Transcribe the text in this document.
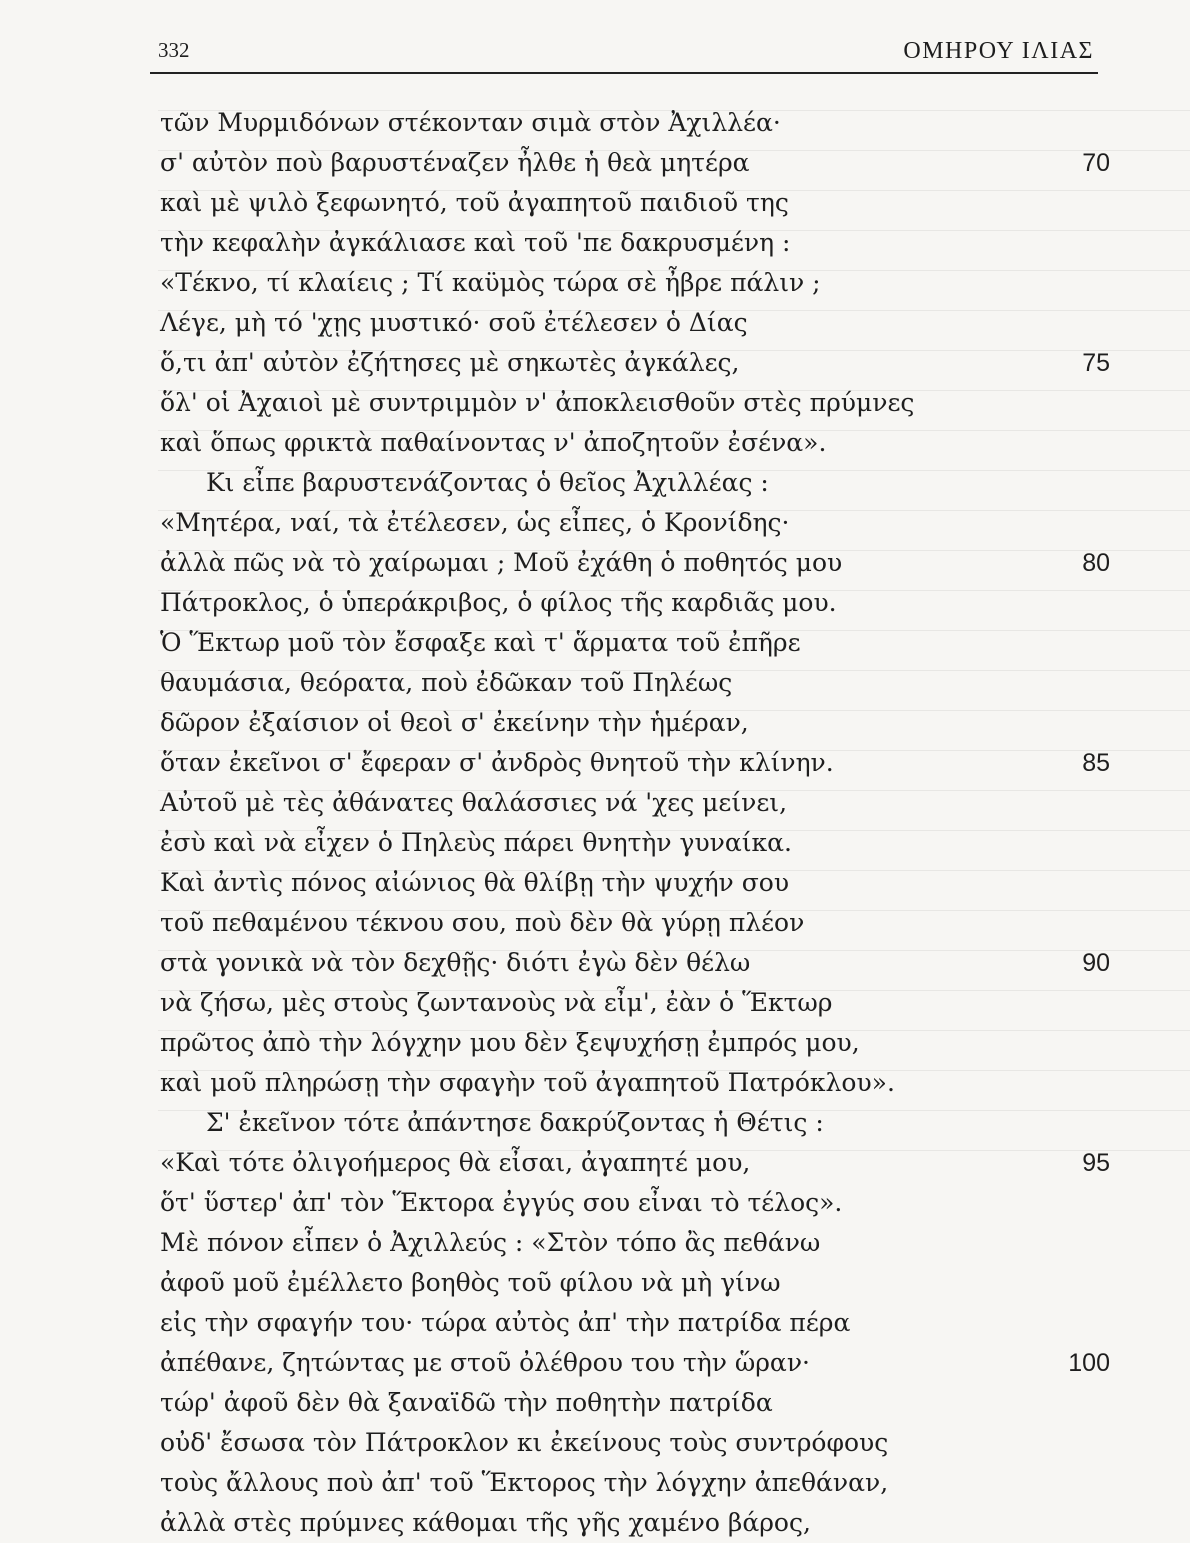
332	ΟΜΗΡΟΥ ΙΛΙΑΣ
τῶν Μυρμιδόνων στέκονταν σιμὰ στὸν Ἀχιλλέα·
σ' αὐτὸν ποὺ βαρυστέναζεν ἦλθε ἡ θεὰ μητέρα	70
καὶ μὲ ψιλὸ ξεφωνητό, τοῦ ἀγαπητοῦ παιδιοῦ της
τὴν κεφαλὴν ἀγκάλιασε καὶ τοῦ 'πε δακρυσμένη :
«Τέκνο, τί κλαίεις ; Τί καϋμὸς τώρα σὲ ἦβρε πάλιν ;
Λέγε, μὴ τό 'χῃς μυστικό· σοῦ ἐτέλεσεν ὁ Δίας
ὅ,τι ἀπ' αὐτὸν ἐζήτησες μὲ σηκωτὲς ἀγκάλες,	75
ὅλ' οἱ Ἀχαιοὶ μὲ συντριμμὸν ν' ἀποκλεισθοῦν στὲς πρύμνες
καὶ ὅπως φρικτὰ παθαίνοντας ν' ἀποζητοῦν ἐσένα».
Κι εἶπε βαρυστενάζοντας ὁ θεῖος Ἀχιλλέας :
«Μητέρα, ναί, τὰ ἐτέλεσεν, ὡς εἶπες, ὁ Κρονίδης·
ἀλλὰ πῶς νὰ τὸ χαίρωμαι ; Μοῦ ἐχάθη ὁ ποθητός μου	80
Πάτροκλος, ὁ ὑπεράκριβος, ὁ φίλος τῆς καρδιᾶς μου.
Ὁ Ἕκτωρ μοῦ τὸν ἔσφαξε καὶ τ' ἅρματα τοῦ ἐπῆρε
θαυμάσια, θεόρατα, ποὺ ἐδῶκαν τοῦ Πηλέως
δῶρον ἐξαίσιον οἱ θεοὶ σ' ἐκείνην τὴν ἡμέραν,
ὅταν ἐκεῖνοι σ' ἔφεραν σ' ἀνδρὸς θνητοῦ τὴν κλίνην.	85
Αὐτοῦ μὲ τὲς ἀθάνατες θαλάσσιες νά 'χες μείνει,
ἐσὺ καὶ νὰ εἶχεν ὁ Πηλεὺς πάρει θνητὴν γυναίκα.
Καὶ ἀντὶς πόνος αἰώνιος θὰ θλίβῃ τὴν ψυχήν σου
τοῦ πεθαμένου τέκνου σου, ποὺ δὲν θὰ γύρῃ πλέον
στὰ γονικὰ νὰ τὸν δεχθῇς· διότι ἐγὼ δὲν θέλω	90
νὰ ζήσω, μὲς στοὺς ζωντανοὺς νὰ εἶμ', ἐὰν ὁ Ἕκτωρ
πρῶτος ἀπὸ τὴν λόγχην μου δὲν ξεψυχήσῃ ἐμπρός μου,
καὶ μοῦ πληρώσῃ τὴν σφαγὴν τοῦ ἀγαπητοῦ Πατρόκλου».
Σ' ἐκεῖνον τότε ἀπάντησε δακρύζοντας ἡ Θέτις :
«Καὶ τότε ὀλιγοήμερος θὰ εἶσαι, ἀγαπητέ μου,	95
ὅτ' ὕστερ' ἀπ' τὸν Ἕκτορα ἐγγύς σου εἶναι τὸ τέλος».
Μὲ πόνον εἶπεν ὁ Ἀχιλλεύς : «Στὸν τόπο ἂς πεθάνω
ἀφοῦ μοῦ ἐμέλλετο βοηθὸς τοῦ φίλου νὰ μὴ γίνω
εἰς τὴν σφαγήν του· τώρα αὐτὸς ἀπ' τὴν πατρίδα πέρα
ἀπέθανε, ζητώντας με στοῦ ὀλέθρου του τὴν ὥραν·	100
τώρ' ἀφοῦ δὲν θὰ ξαναϊδῶ τὴν ποθητὴν πατρίδα
οὐδ' ἔσωσα τὸν Πάτροκλον κι ἐκείνους τοὺς συντρόφους
τοὺς ἄλλους ποὺ ἀπ' τοῦ Ἕκτορος τὴν λόγχην ἀπεθάναν,
ἀλλὰ στὲς πρύμνες κάθομαι τῆς γῆς χαμένο βάρος,
